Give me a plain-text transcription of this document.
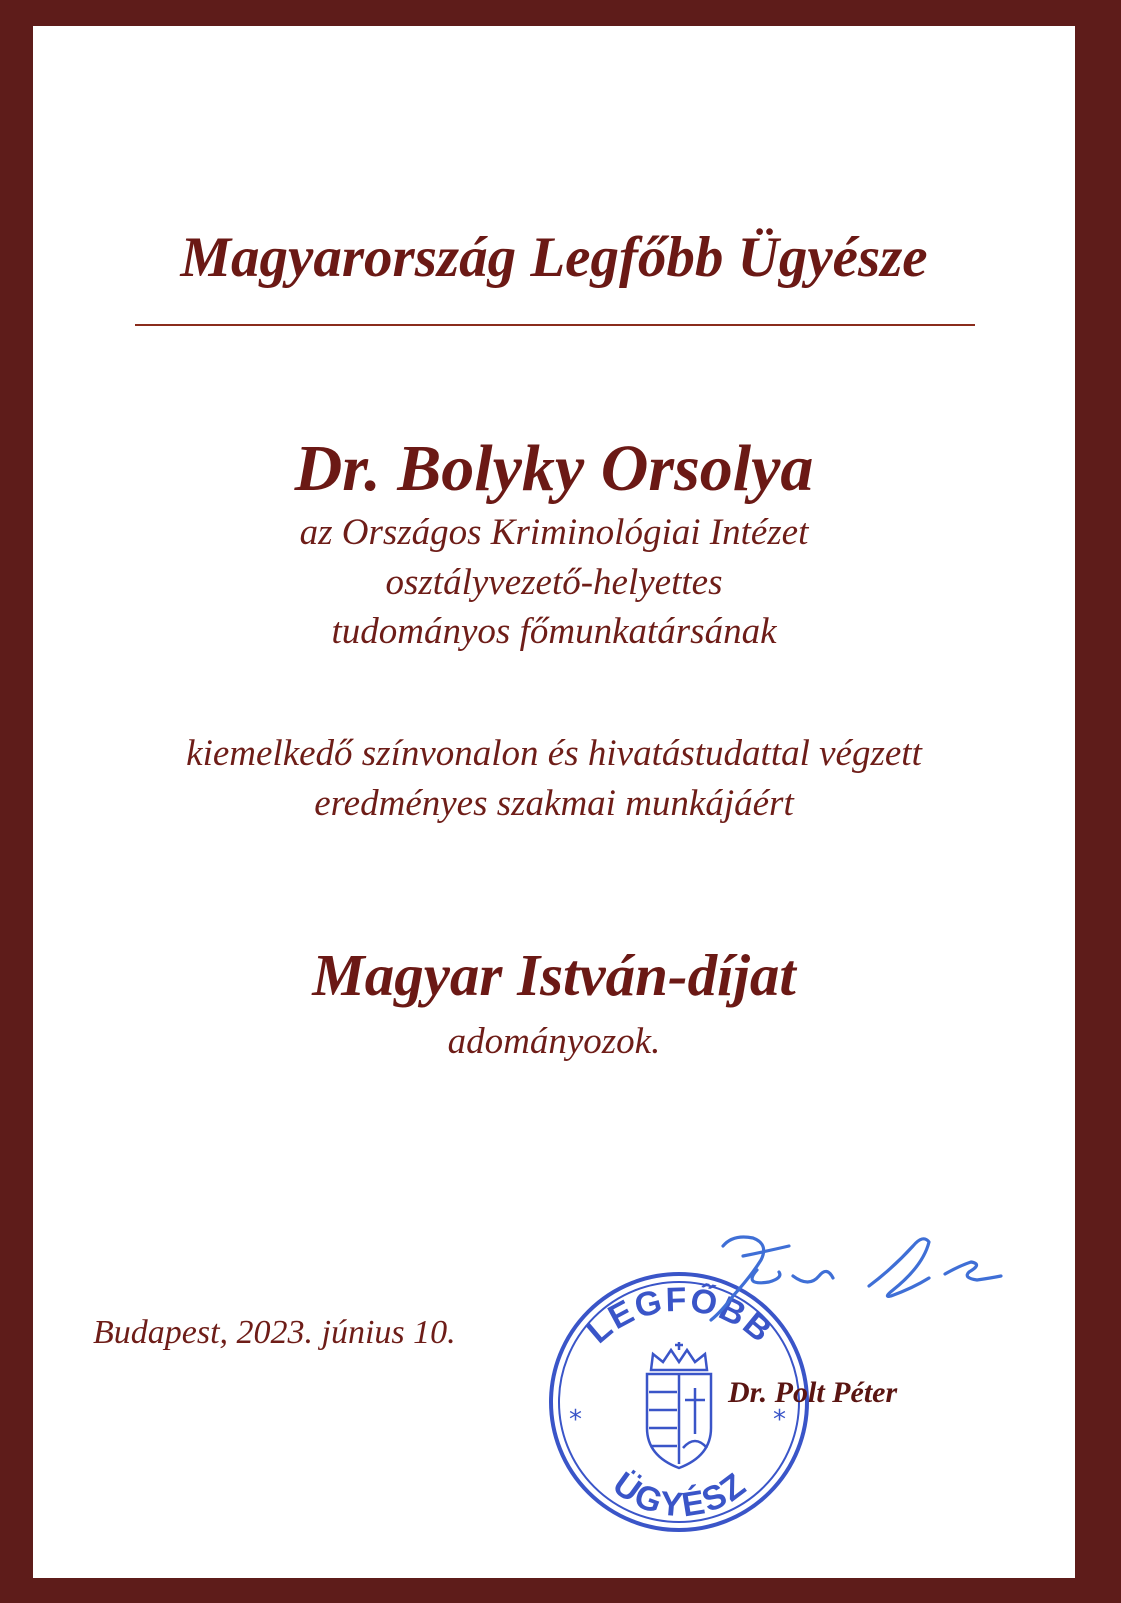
Magyarország Legfőbb Ügyésze
Dr. Bolyky Orsolya
az Országos Kriminológiai Intézet
osztályvezető-helyettes
tudományos főmunkatársának
kiemelkedő színvonalon és hivatástudattal végzett
eredményes szakmai munkájáért
Magyar István-díjat
adományozok.
Budapest, 2023. június 10.	LEGFŐBB
ÜGYÉSZ
*	*
Dr. Polt Péter
